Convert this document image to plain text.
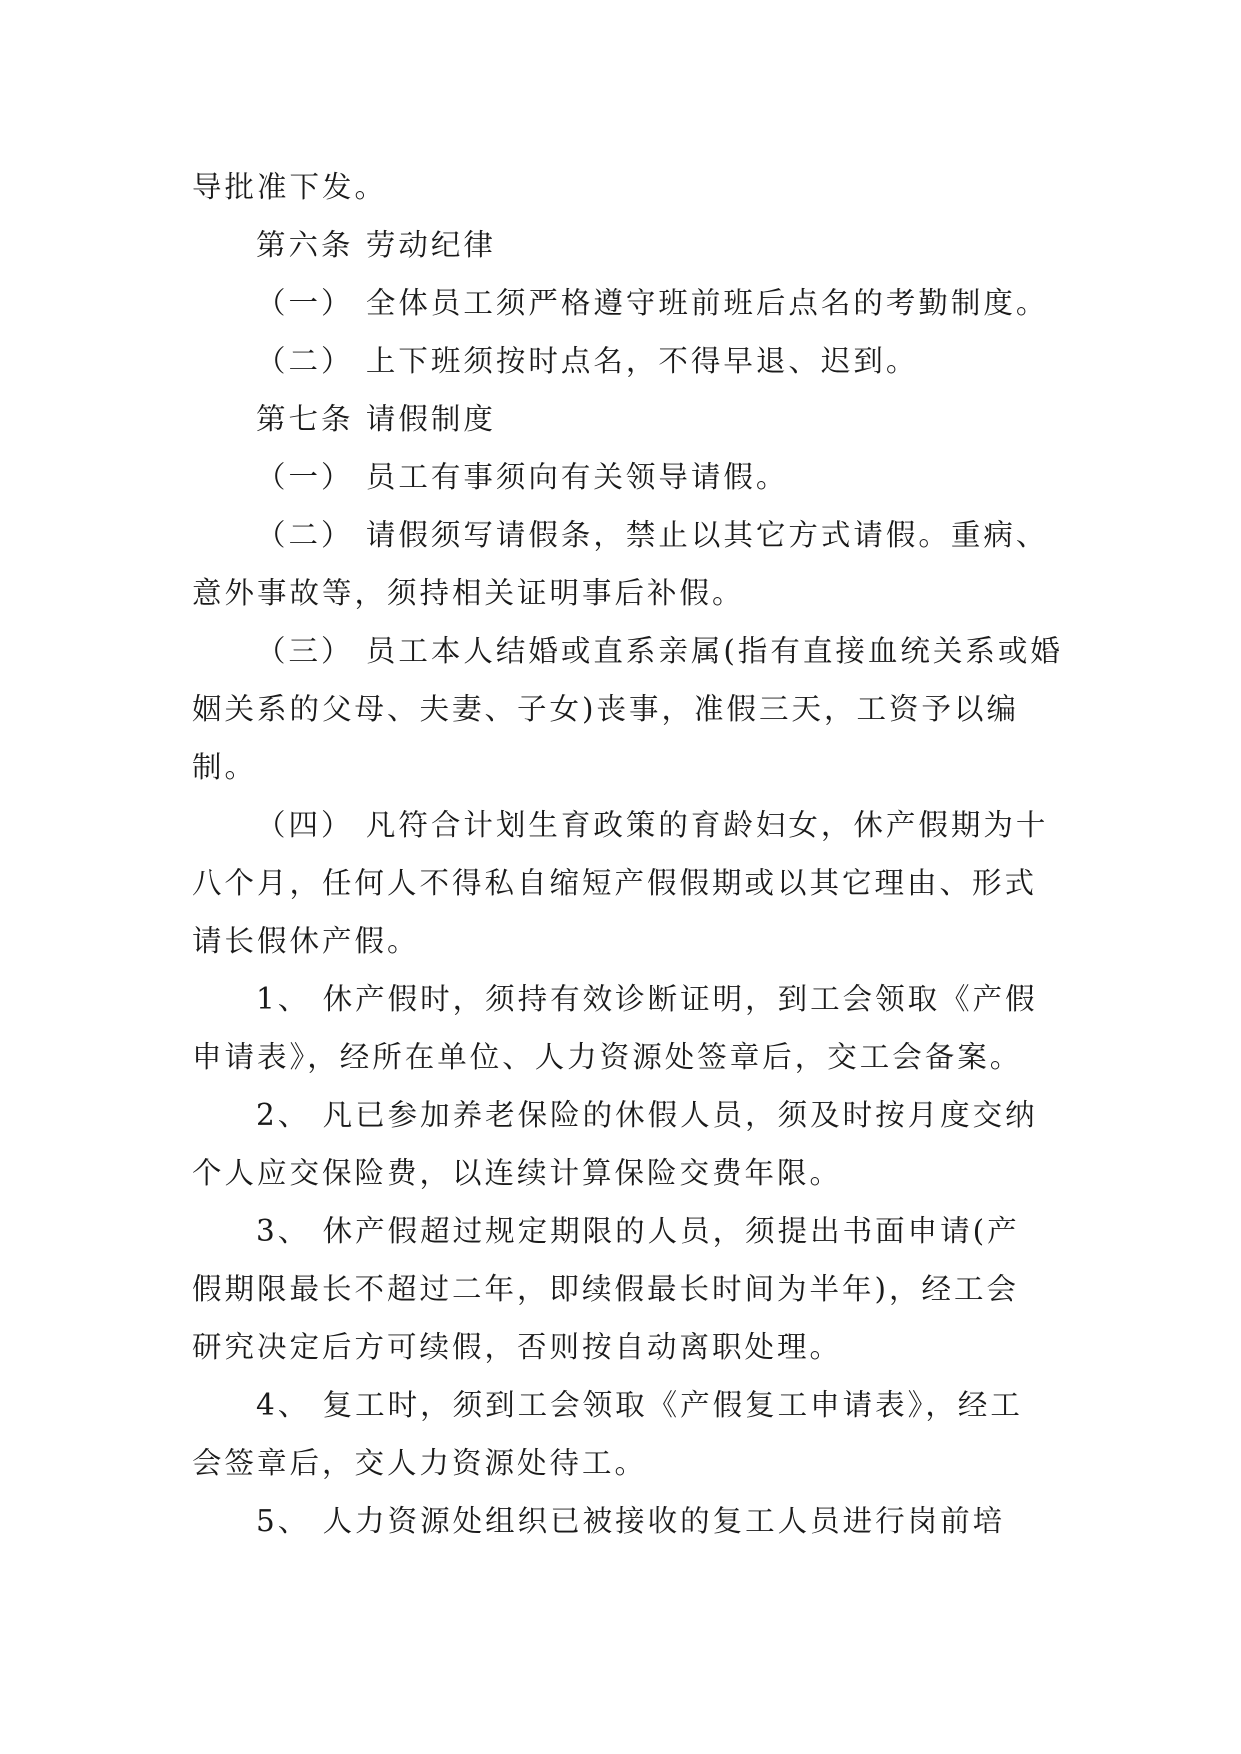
导批准下发。
第六条 劳动纪律
（一） 全体员工须严格遵守班前班后点名的考勤制度。
（二） 上下班须按时点名，不得早退、迟到。
第七条 请假制度
（一） 员工有事须向有关领导请假。
（二） 请假须写请假条，禁止以其它方式请假。重病、
意外事故等，须持相关证明事后补假。
（三） 员工本人结婚或直系亲属(指有直接血统关系或婚
姻关系的父母、夫妻、子女)丧事，准假三天，工资予以编
制。
（四） 凡符合计划生育政策的育龄妇女，休产假期为十
八个月，任何人不得私自缩短产假假期或以其它理由、形式
请长假休产假。
1、 休产假时，须持有效诊断证明，到工会领取《产假
申请表》，经所在单位、人力资源处签章后，交工会备案。
2、 凡已参加养老保险的休假人员，须及时按月度交纳
个人应交保险费，以连续计算保险交费年限。
3、 休产假超过规定期限的人员，须提出书面申请(产
假期限最长不超过二年，即续假最长时间为半年)，经工会
研究决定后方可续假，否则按自动离职处理。
4、 复工时，须到工会领取《产假复工申请表》，经工
会签章后，交人力资源处待工。
5、 人力资源处组织已被接收的复工人员进行岗前培
